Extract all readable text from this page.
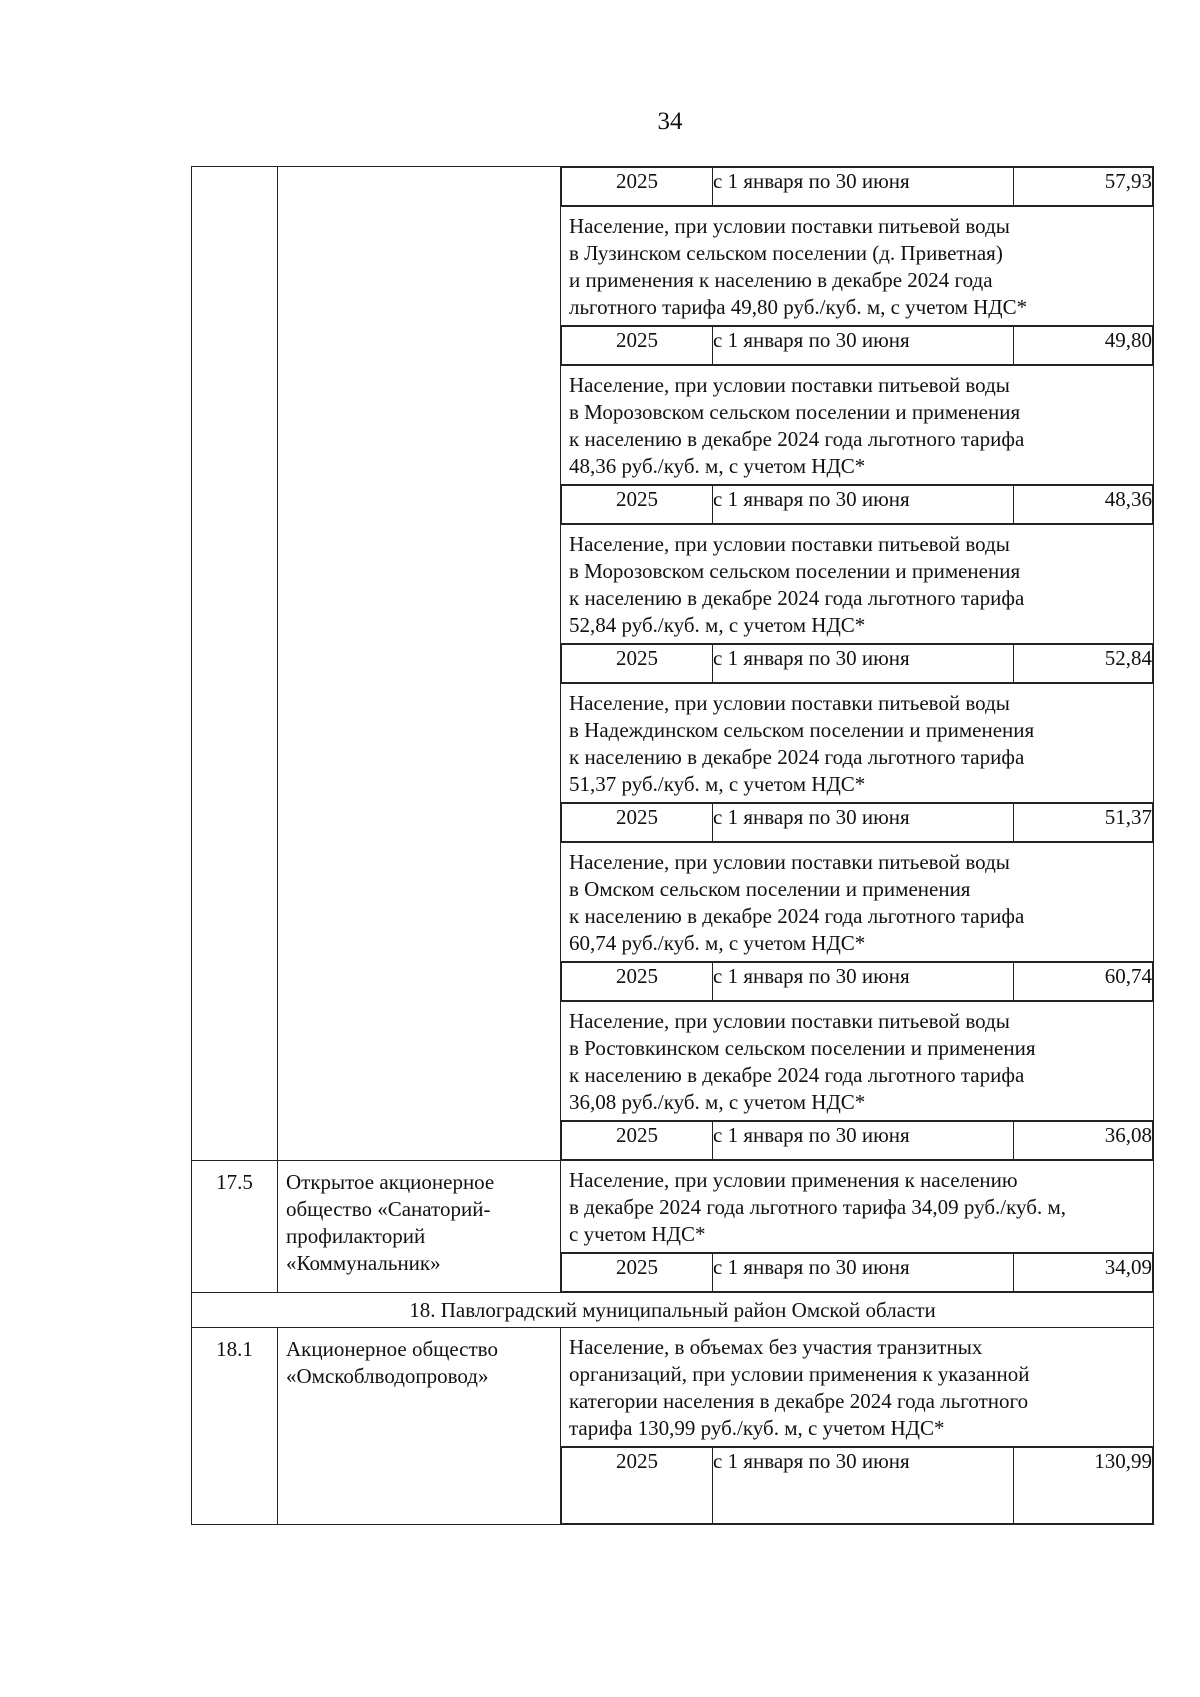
34

2025	с 1 января по 30 июня	57,93
Население, при условии поставки питьевой воды
в Лузинском сельском поселении (д. Приветная)
и применения к населению в декабре 2024 года
льготного тарифа 49,80 руб./куб. м, с учетом НДС*
2025	с 1 января по 30 июня	49,80
Население, при условии поставки питьевой воды
в Морозовском сельском поселении и применения
к населению в декабре 2024 года льготного тарифа
48,36 руб./куб. м, с учетом НДС*
2025	с 1 января по 30 июня	48,36
Население, при условии поставки питьевой воды
в Морозовском сельском поселении и применения
к населению в декабре 2024 года льготного тарифа
52,84 руб./куб. м, с учетом НДС*
2025	с 1 января по 30 июня	52,84
Население, при условии поставки питьевой воды
в Надеждинском сельском поселении и применения
к населению в декабре 2024 года льготного тарифа
51,37 руб./куб. м, с учетом НДС*
2025	с 1 января по 30 июня	51,37
Население, при условии поставки питьевой воды
в Омском сельском поселении и применения
к населению в декабре 2024 года льготного тарифа
60,74 руб./куб. м, с учетом НДС*
2025	с 1 января по 30 июня	60,74
Население, при условии поставки питьевой воды
в Ростовкинском сельском поселении и применения
к населению в декабре 2024 года льготного тарифа
36,08 руб./куб. м, с учетом НДС*
2025	с 1 января по 30 июня	36,08

17.5	Открытое акционерное
общество «Санаторий-
профилакторий
«Коммунальник»

Население, при условии применения к населению
в декабре 2024 года льготного тарифа 34,09 руб./куб. м,
с учетом НДС*
2025	с 1 января по 30 июня	34,09

18. Павлоградский муниципальный район Омской области
18.1	Акционерное общество
«Омскоблводопровод»

Население, в объемах без участия транзитных
организаций, при условии применения к указанной
категории населения в декабре 2024 года льготного
тарифа 130,99 руб./куб. м, с учетом НДС*
2025	с 1 января по 30 июня	130,99
